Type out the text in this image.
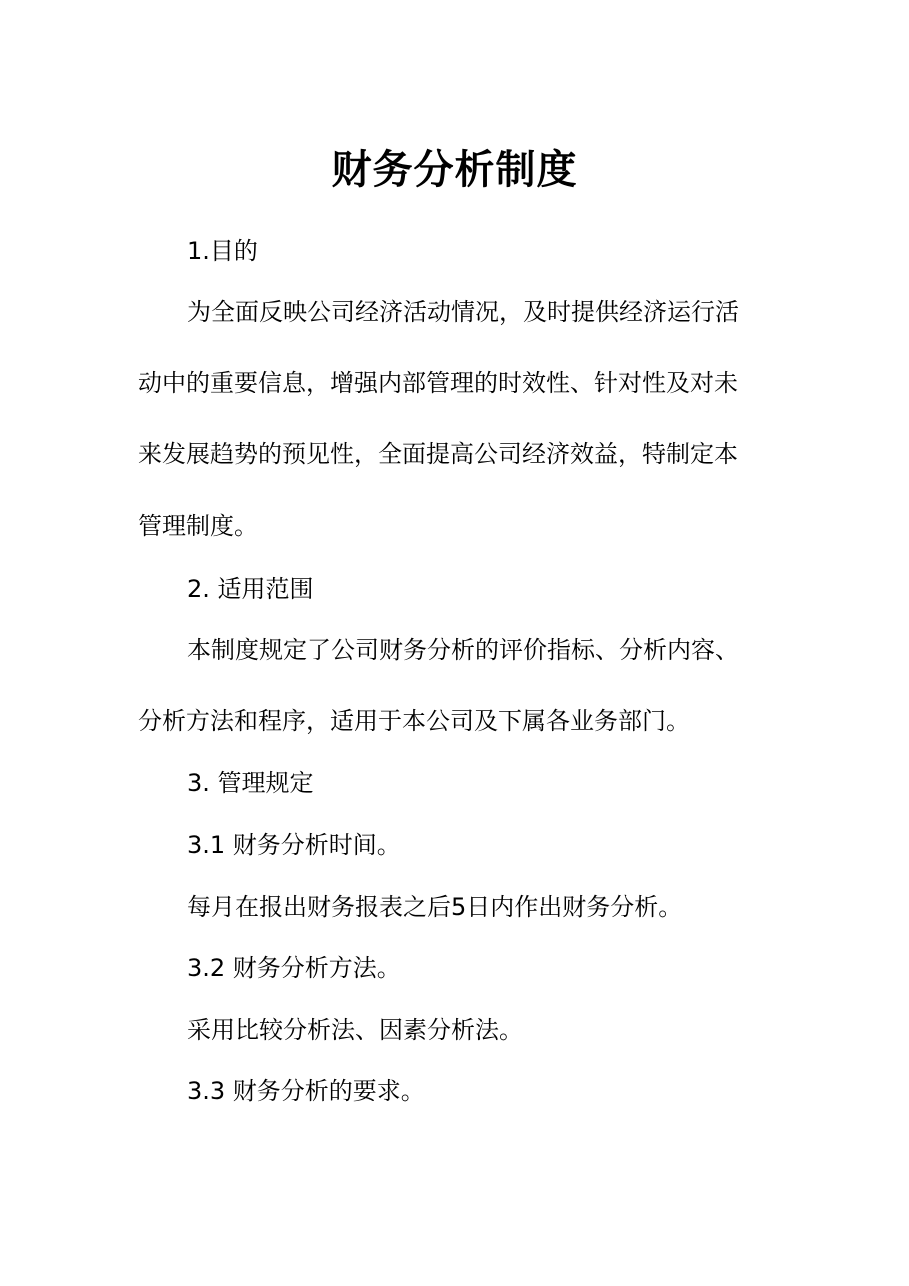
财务分析制度
1.目的
为全面反映公司经济活动情况，及时提供经济运行活
动中的重要信息，增强内部管理的时效性、针对性及对未
来发展趋势的预见性，全面提高公司经济效益，特制定本
管理制度。
2. 适用范围
本制度规定了公司财务分析的评价指标、分析内容、
分析方法和程序，适用于本公司及下属各业务部门。
3. 管理规定
3.1 财务分析时间。
每月在报出财务报表之后5日内作出财务分析。
3.2 财务分析方法。
采用比较分析法、因素分析法。
3.3 财务分析的要求。
